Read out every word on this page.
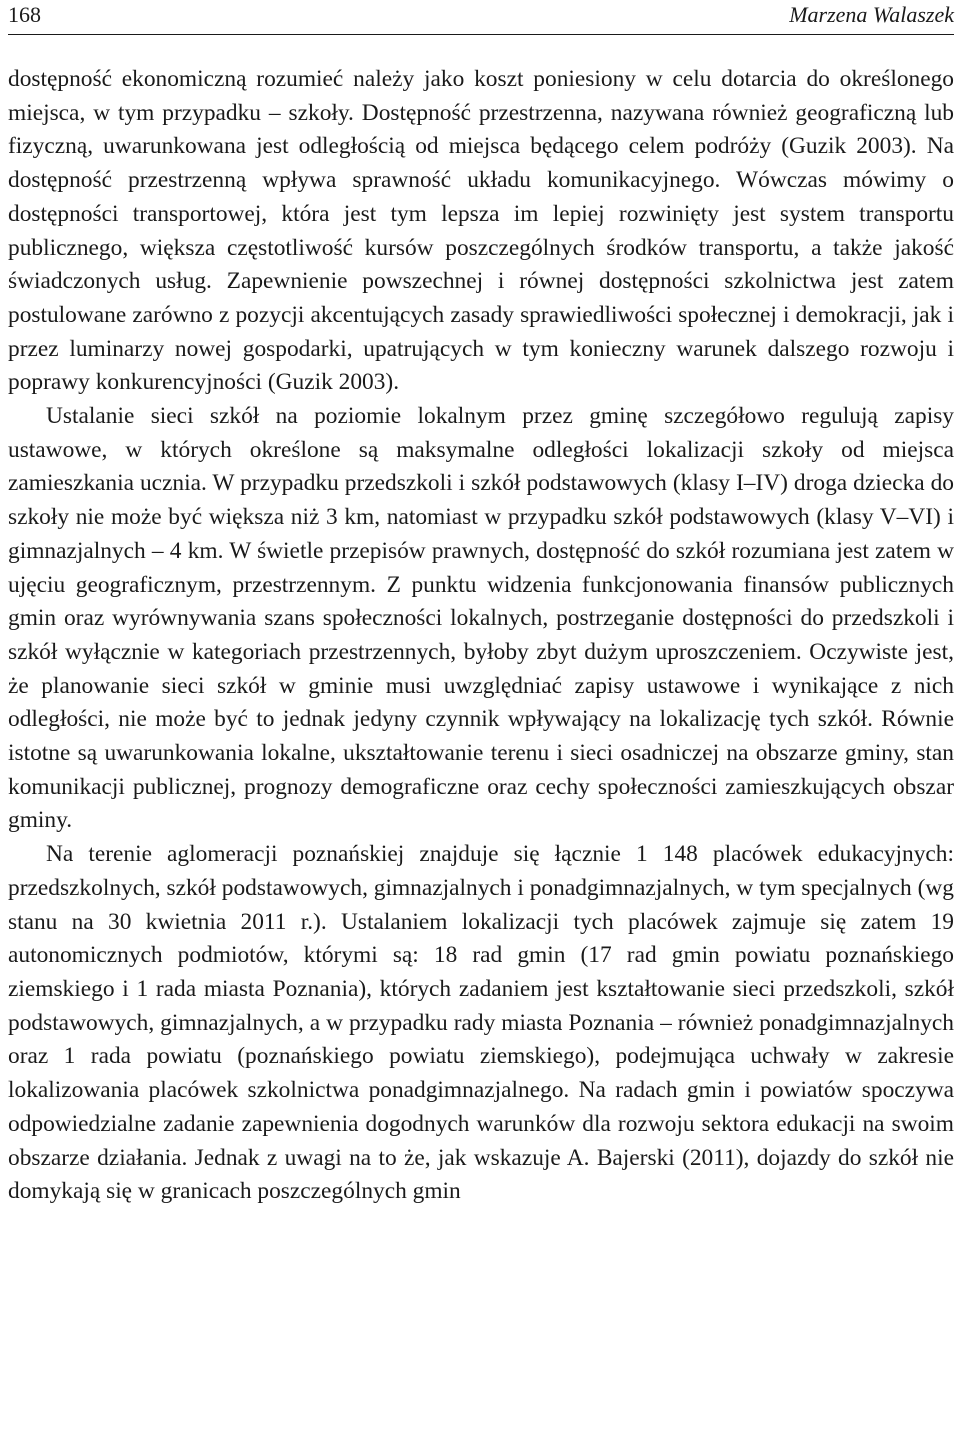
168	Marzena Walaszek

dostępność ekonomiczną rozumieć należy jako koszt poniesiony w celu dotarcia do określonego miejsca, w tym przypadku – szkoły. Dostępność przestrzenna, nazywana również geograficzną lub fizyczną, uwarunkowana jest odległością od miejsca będącego celem podróży (Guzik 2003). Na dostępność przestrzenną wpływa sprawność układu komunikacyjnego. Wówczas mówimy o dostępności transportowej, która jest tym lepsza im lepiej rozwinięty jest system transportu publicznego, większa częstotliwość kursów poszczególnych środków transportu, a także jakość świadczonych usług. Zapewnienie powszechnej i równej dostępności szkolnictwa jest zatem postulowane zarówno z pozycji akcentujących zasady sprawiedliwości społecznej i demokracji, jak i przez luminarzy nowej gospodarki, upatrujących w tym konieczny warunek dalszego rozwoju i poprawy konkurencyjności (Guzik 2003).

Ustalanie sieci szkół na poziomie lokalnym przez gminę szczegółowo regulują zapisy ustawowe, w których określone są maksymalne odległości lokalizacji szkoły od miejsca zamieszkania ucznia. W przypadku przedszkoli i szkół podstawowych (klasy I–IV) droga dziecka do szkoły nie może być większa niż 3 km, natomiast w przypadku szkół podstawowych (klasy V–VI) i gimnazjalnych – 4 km. W świetle przepisów prawnych, dostępność do szkół rozumiana jest zatem w ujęciu geograficznym, przestrzennym. Z punktu widzenia funkcjonowania finansów publicznych gmin oraz wyrównywania szans społeczności lokalnych, postrzeganie dostępności do przedszkoli i szkół wyłącznie w kategoriach przestrzennych, byłoby zbyt dużym uproszczeniem. Oczywiste jest, że planowanie sieci szkół w gminie musi uwzględniać zapisy ustawowe i wynikające z nich odległości, nie może być to jednak jedyny czynnik wpływający na lokalizację tych szkół. Równie istotne są uwarunkowania lokalne, ukształtowanie terenu i sieci osadniczej na obszarze gminy, stan komunikacji publicznej, prognozy demograficzne oraz cechy społeczności zamieszkujących obszar gminy.

Na terenie aglomeracji poznańskiej znajduje się łącznie 1 148 placówek edukacyjnych: przedszkolnych, szkół podstawowych, gimnazjalnych i ponadgimnazjalnych, w tym specjalnych (wg stanu na 30 kwietnia 2011 r.). Ustalaniem lokalizacji tych placówek zajmuje się zatem 19 autonomicznych podmiotów, którymi są: 18 rad gmin (17 rad gmin powiatu poznańskiego ziemskiego i 1 rada miasta Poznania), których zadaniem jest kształtowanie sieci przedszkoli, szkół podstawowych, gimnazjalnych, a w przypadku rady miasta Poznania – również ponadgimnazjalnych oraz 1 rada powiatu (poznańskiego powiatu ziemskiego), podejmująca uchwały w zakresie lokalizowania placówek szkolnictwa ponadgimnazjalnego. Na radach gmin i powiatów spoczywa odpowiedzialne zadanie zapewnienia dogodnych warunków dla rozwoju sektora edukacji na swoim obszarze działania. Jednak z uwagi na to że, jak wskazuje A. Bajerski (2011), dojazdy do szkół nie domykają się w granicach poszczególnych gmin
